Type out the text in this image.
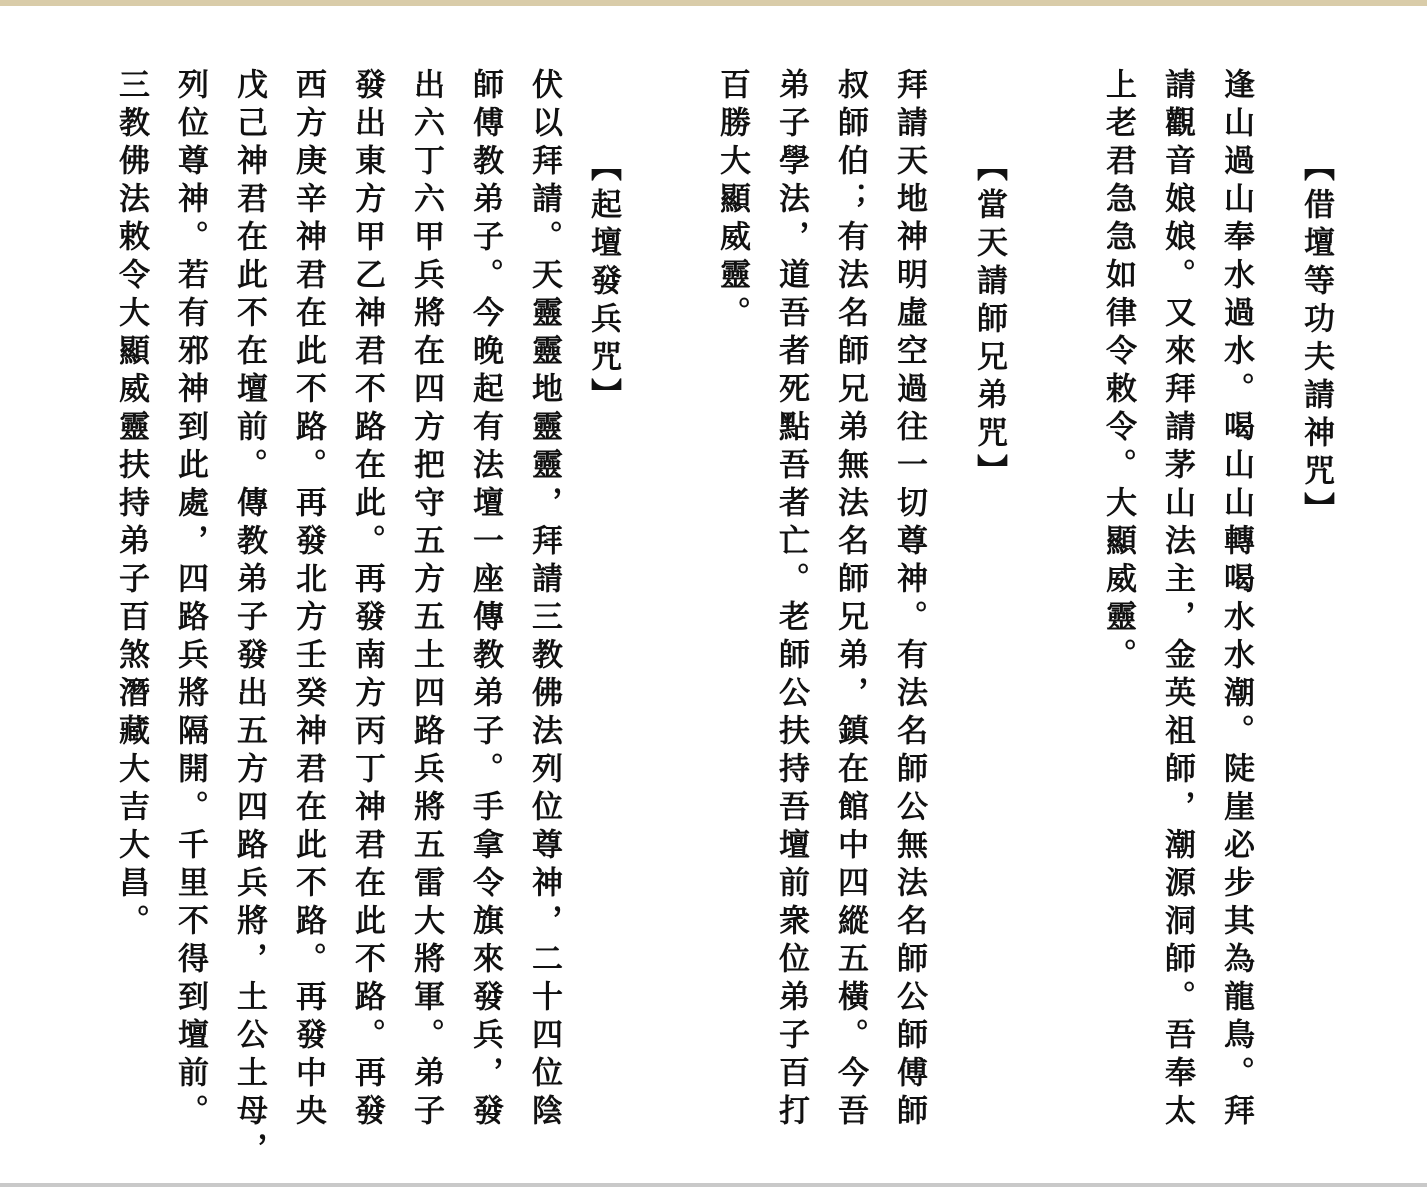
【借壇等功夫請神咒】
逢山過山奉水過水。喝山山轉喝水水潮。陡崖必步其為龍鳥。拜
請觀音娘娘。又來拜請茅山法主，金英祖師，潮源洞師。吾奉太
上老君急急如律令敕令。大顯威靈。
【當天請師兄弟咒】
拜請天地神明虛空過往一切尊神。有法名師公無法名師公師傅師
叔師伯；有法名師兄弟無法名師兄弟，鎮在館中四縱五橫。今吾
弟子學法，道吾者死點吾者亡。老師公扶持吾壇前衆位弟子百打
百勝大顯威靈。
【起壇發兵咒】
伏以拜請。天靈靈地靈靈，拜請三教佛法列位尊神，二十四位陰
師傅教弟子。今晚起有法壇一座傳教弟子。手拿令旗來發兵，發
出六丁六甲兵將在四方把守五方五土四路兵將五雷大將軍。弟子
發出東方甲乙神君不路在此。再發南方丙丁神君在此不路。再發
西方庚辛神君在此不路。再發北方壬癸神君在此不路。再發中央
戊己神君在此不在壇前。傳教弟子發出五方四路兵將，土公土母，
列位尊神。若有邪神到此處，四路兵將隔開。千里不得到壇前。
三教佛法敕令大顯威靈扶持弟子百煞潛藏大吉大昌。
